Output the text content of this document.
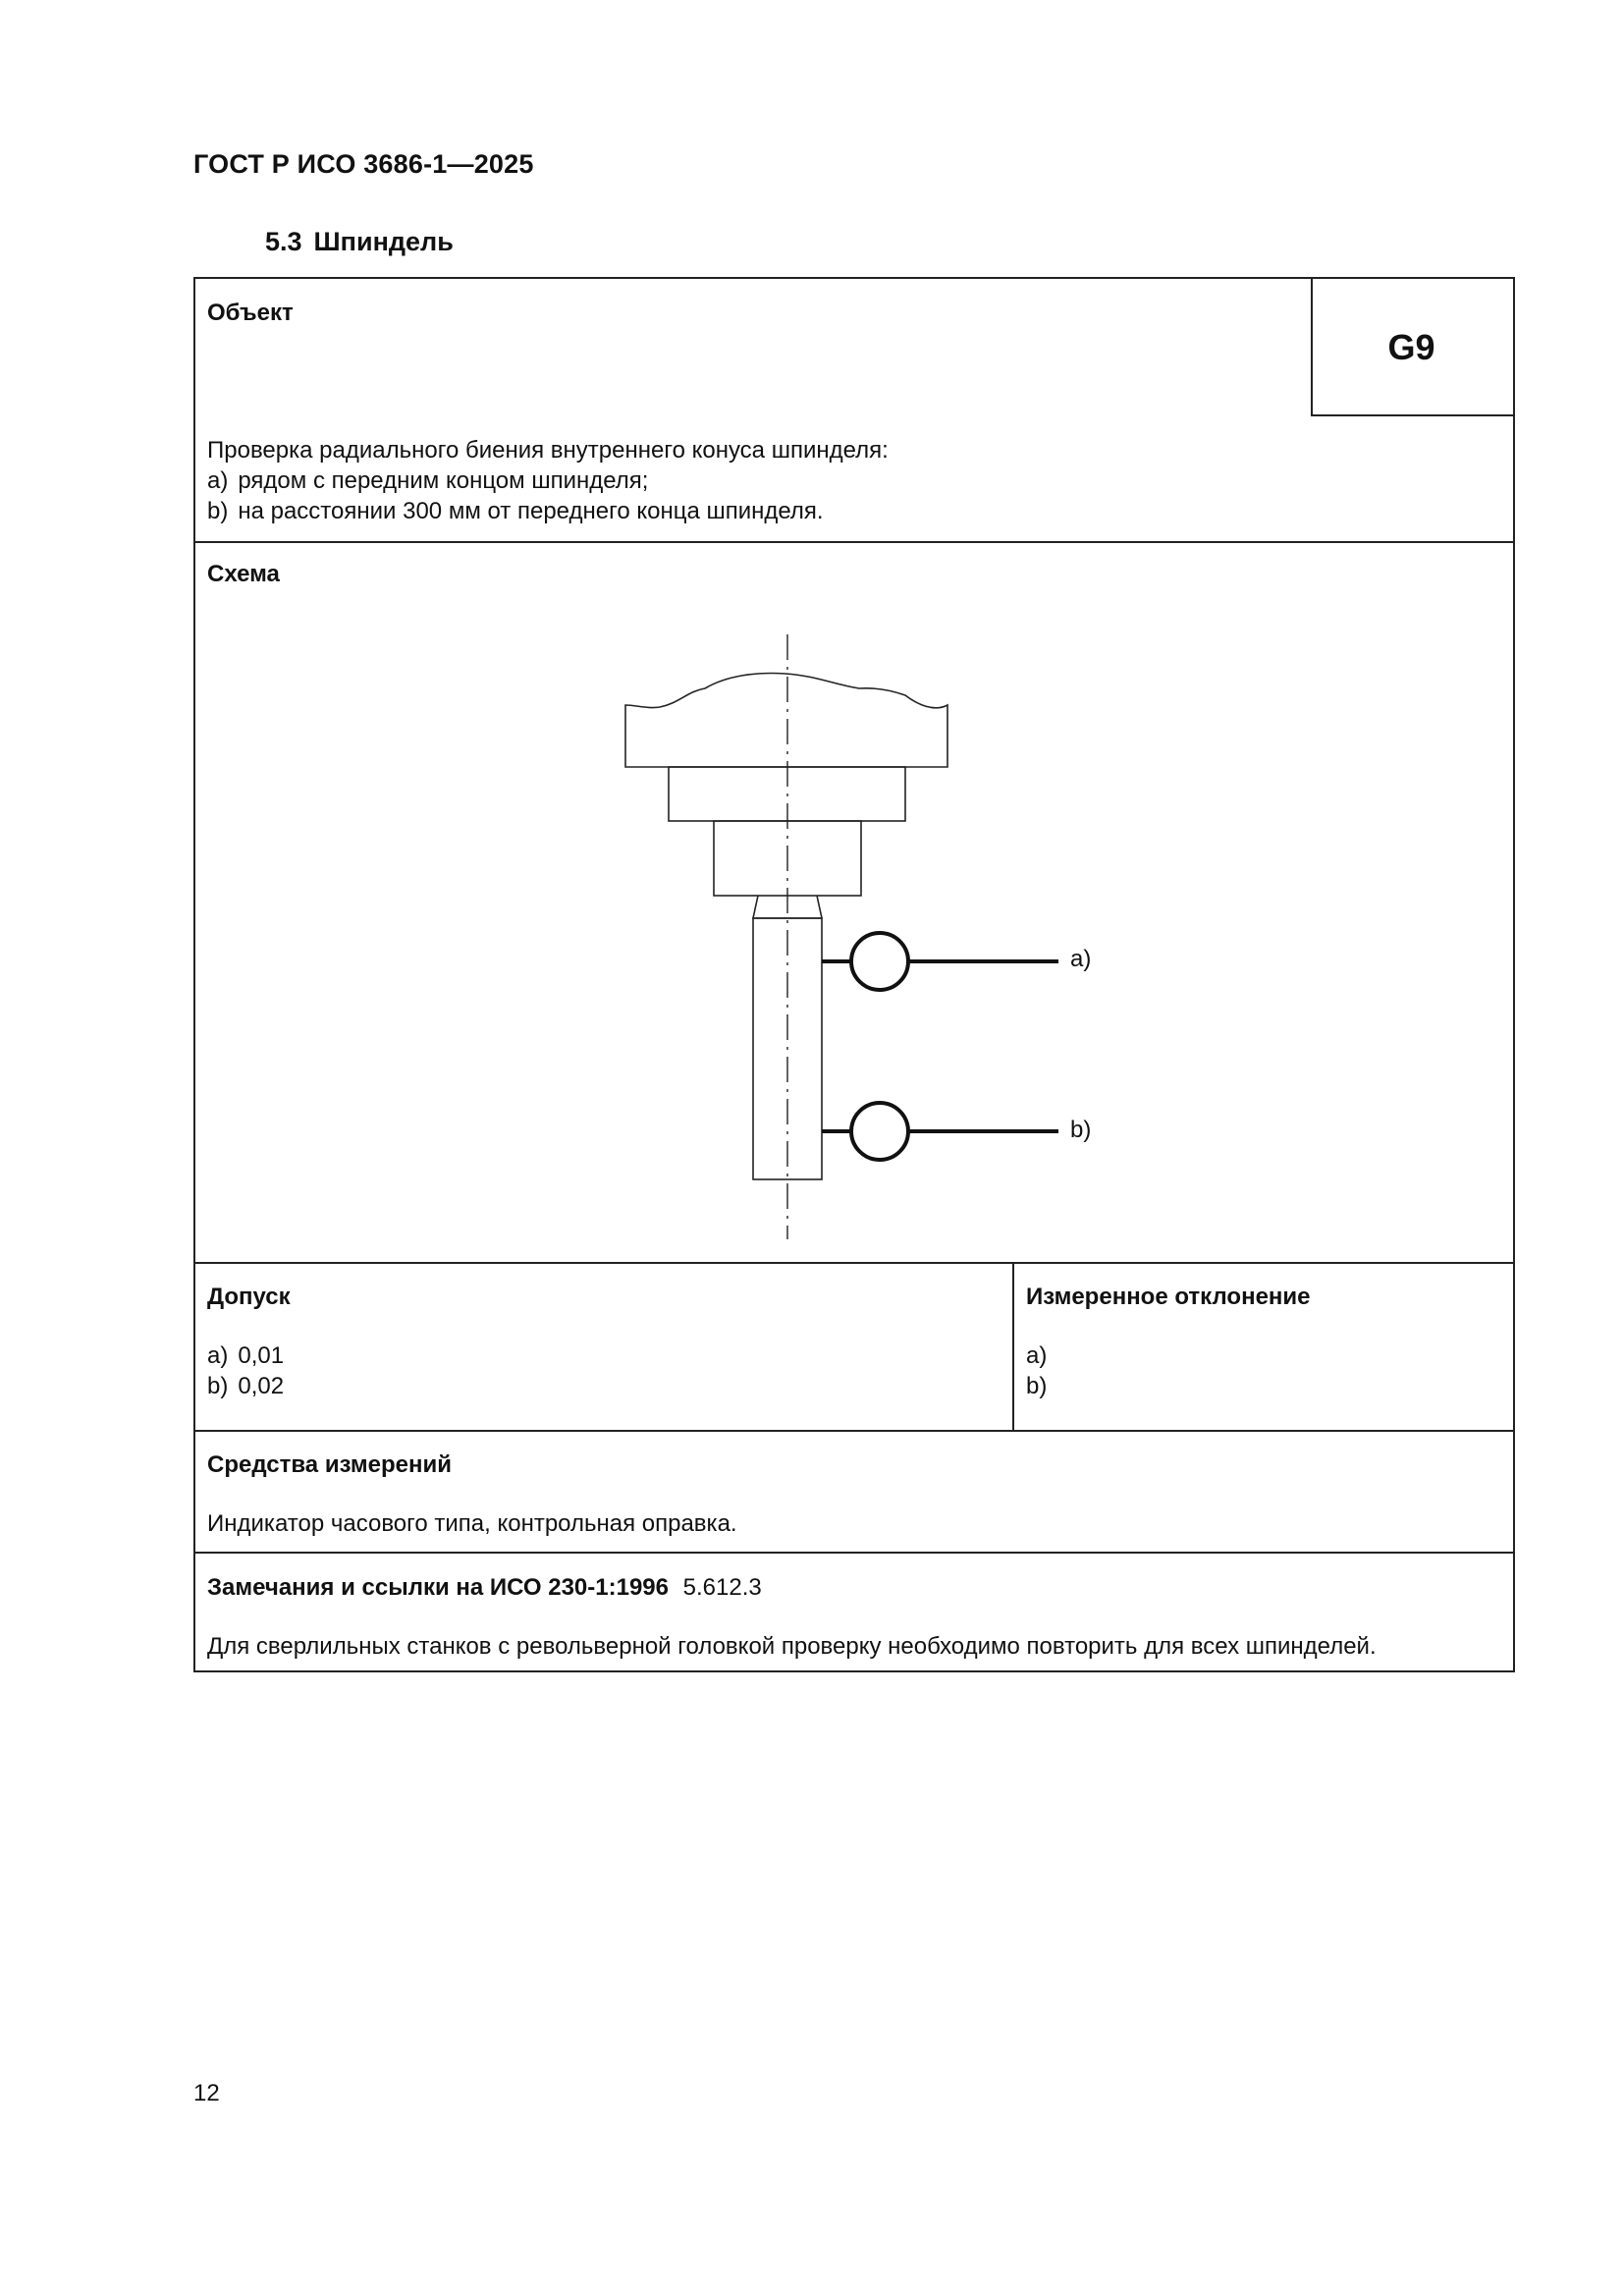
ГОСТ Р ИСО 3686-1—2025
5.3 Шпиндель
G9
Объект
Проверка радиального биения внутреннего конуса шпинделя:
a) рядом с передним концом шпинделя;
b) на расстоянии 300 мм от переднего конца шпинделя.
Схема
a)
b)
Допуск
a) 0,01
b) 0,02
Измеренное отклонение
a)
b)
Средства измерений
Индикатор часового типа, контрольная оправка.
Замечания и ссылки на ИСО 230-1:1996 5.612.3
Для сверлильных станков с револьверной головкой проверку необходимо повторить для всех шпинделей.
12
